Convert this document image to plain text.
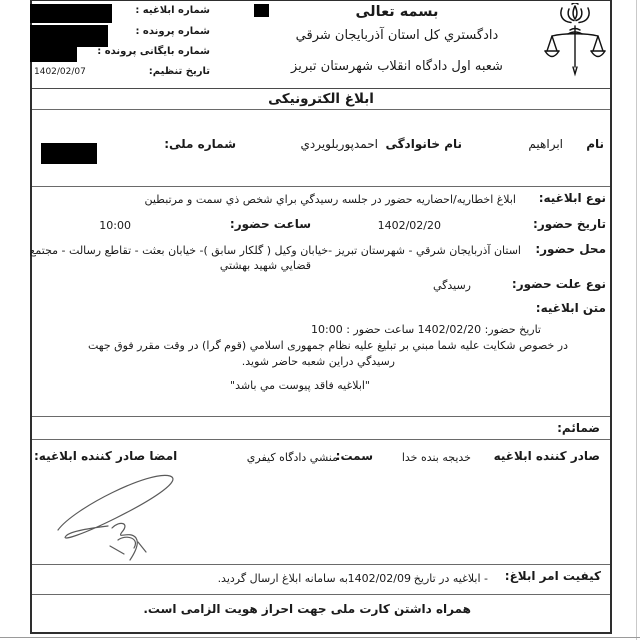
شماره ابلاغیه :
شماره پرونده :
شماره بایگانی پرونده :
تاریخ تنظیم:
1402/02/07
بسمه تعالی
دادگستري کل استان آذربایجان شرقي
شعبه اول دادگاه انقلاب شهرستان تبریز
ابلاغ الکترونیکی
نام
ابراهیم
نام خانوادگی
احمدپوربلویردي
شماره ملی:
نوع ابلاغیه:
ابلاغ اخطاریه/احضاریه حضور در جلسه رسیدگي براي شخص ذي سمت و مرتبطین
تاریخ حضور:
1402/02/20
ساعت حضور:
10:00
محل حضور:
استان آذربایجان شرقي - شهرستان تبریز -خیابان وکیل ( گلکار سابق )- خیابان بعثت - تقاطع رسالت - مجتمع
قضایي شهید بهشتي
نوع علت حضور:
رسیدگي
متن ابلاغیه:
تاریخ حضور: 1402/02/20 ساعت حضور : 10:00
در خصوص شکایت علیه شما مبني بر تبلیغ علیه نظام جمهوری اسلامي (قوم گرا) در وقت مقرر فوق جهت
رسیدگي دراین شعبه حاضر شوید.
"ابلاغیه فاقد پیوست مي باشد"
ضمائم:
صادر کننده ابلاغیه
خدیجه بنده خدا
سمت:
منشي دادگاه کیفري
امضا صادر کننده ابلاغیه:
کیفیت امر ابلاغ:
- ابلاغیه در تاریخ
1402/02/09
به سامانه ابلاغ ارسال گردید.
همراه داشتن کارت ملی جهت احراز هویت الزامی است.
